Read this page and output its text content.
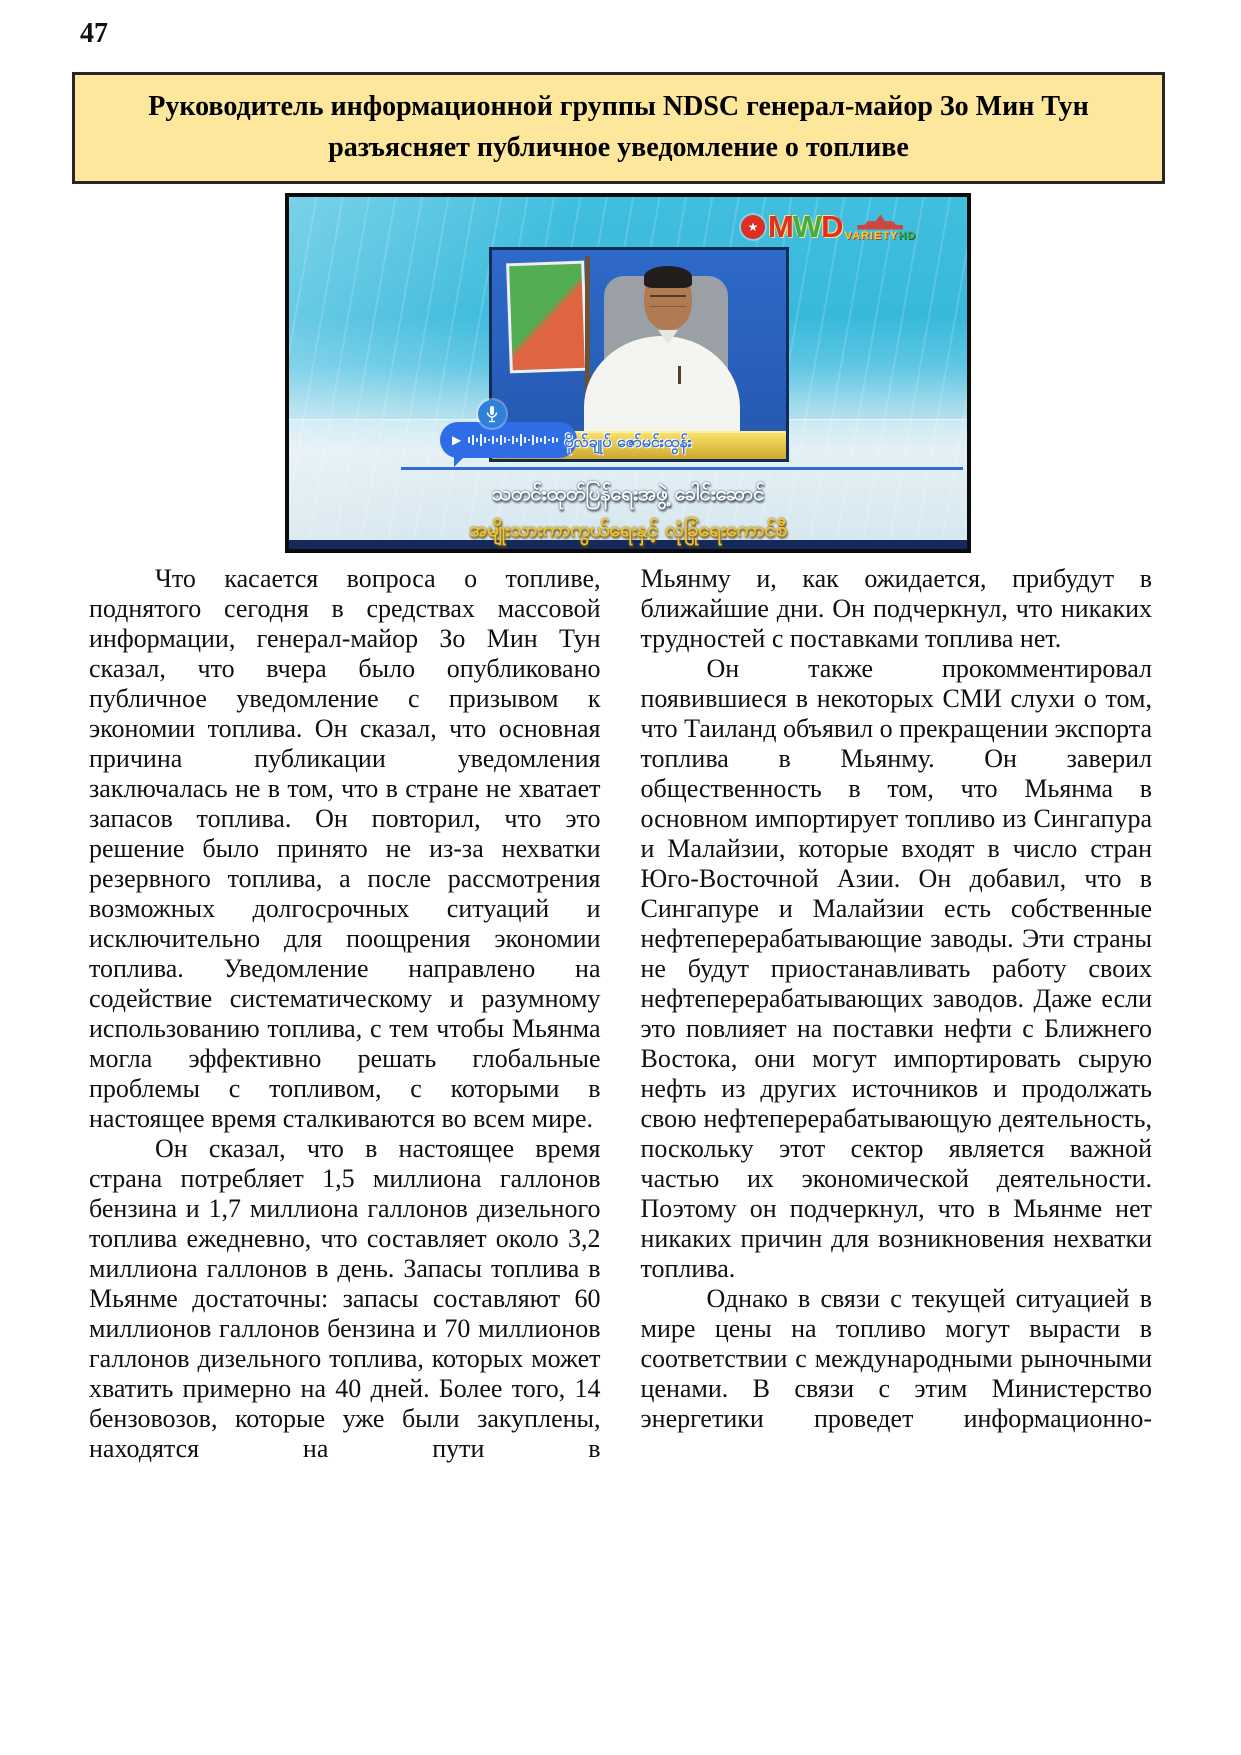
47
Руководитель информационной группы NDSC генерал-майор Зо Мин Тун
разъясняет публичное уведомление о топливе
★ MWD VARIETYHD
▶	ဗိုလ်ချုပ် ဇော်မင်းထွန်း
သတင်းထုတ်ပြန်ရေးအဖွဲ့ ခေါင်းဆောင်
အမျိုးသားကာကွယ်ရေးနှင့် လုံခြုံရေးကောင်စီ

Что касается вопроса о топливе, поднятого сегодня в средствах массовой информации, генерал-майор Зо Мин Тун сказал, что вчера было опубликовано публичное уведомление с призывом к экономии топлива. Он сказал, что основная причина публикации уведомления заключалась не в том, что в стране не хватает запасов топлива. Он повторил, что это решение было принято не из-за нехватки резервного топлива, а после рассмотрения возможных долгосрочных ситуаций и исключительно для поощрения экономии топлива. Уведомление направлено на содействие систематическому и разумному использованию топлива, с тем чтобы Мьянма могла эффективно решать глобальные проблемы с топливом, с которыми в настоящее время сталкиваются во всем мире.

Он сказал, что в настоящее время страна потребляет 1,5 миллиона галлонов бензина и 1,7 миллиона галлонов дизельного топлива ежедневно, что составляет около 3,2 миллиона галлонов в день. Запасы топлива в Мьянме достаточны: запасы составляют 60 миллионов галлонов бензина и 70 миллионов галлонов дизельного топлива, которых может хватить примерно на 40 дней. Более того, 14 бензовозов, которые уже были закуплены, находятся на пути в

Мьянму и, как ожидается, прибудут в ближайшие дни. Он подчеркнул, что никаких трудностей с поставками топлива нет.

Он также прокомментировал появившиеся в некоторых СМИ слухи о том, что Таиланд объявил о прекращении экспорта топлива в Мьянму. Он заверил общественность в том, что Мьянма в основном импортирует топливо из Сингапура и Малайзии, которые входят в число стран Юго-Восточной Азии. Он добавил, что в Сингапуре и Малайзии есть собственные нефтеперерабатывающие заводы. Эти страны не будут приостанавливать работу своих нефтеперерабатывающих заводов. Даже если это повлияет на поставки нефти с Ближнего Востока, они могут импортировать сырую нефть из других источников и продолжать свою нефтеперерабатывающую деятельность, поскольку этот сектор является важной частью их экономической деятельности. Поэтому он подчеркнул, что в Мьянме нет никаких причин для возникновения нехватки топлива.

Однако в связи с текущей ситуацией в мире цены на топливо могут вырасти в соответствии с международными рыночными ценами. В связи с этим Министерство энергетики проведет информационно-
